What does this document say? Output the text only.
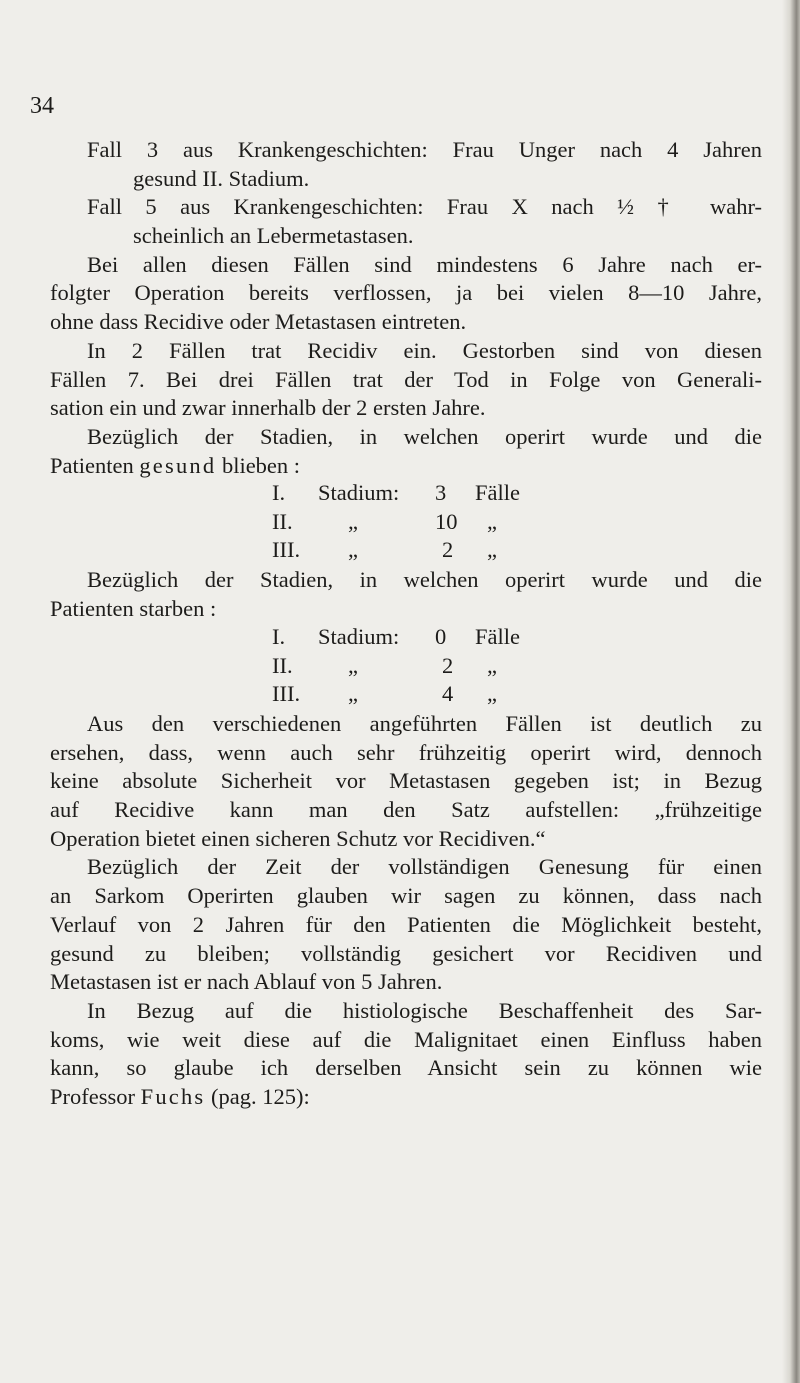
34
Fall 3 aus Krankengeschichten: Frau Unger nach 4 Jahren
gesund II. Stadium.
Fall 5 aus Krankengeschichten: Frau X nach ½ † wahr-
scheinlich an Lebermetastasen.
Bei allen diesen Fällen sind mindestens 6 Jahre nach er-
folgter Operation bereits verflossen, ja bei vielen 8—10 Jahre,
ohne dass Recidive oder Metastasen eintreten.
In 2 Fällen trat Recidiv ein. Gestorben sind von diesen
Fällen 7. Bei drei Fällen trat der Tod in Folge von Generali-
sation ein und zwar innerhalb der 2 ersten Jahre.
Bezüglich der Stadien, in welchen operirt wurde und die
Patienten gesund blieben :
I. Stadium: 3 Fälle
II. „	10 „
III. „	2 „
Bezüglich der Stadien, in welchen operirt wurde und die
Patienten starben :
I. Stadium: 0 Fälle
II. „	2 „
III. „	4 „
Aus den verschiedenen angeführten Fällen ist deutlich zu
ersehen, dass, wenn auch sehr frühzeitig operirt wird, dennoch
keine absolute Sicherheit vor Metastasen gegeben ist; in Bezug
auf Recidive kann man den Satz aufstellen: „frühzeitige
Operation bietet einen sicheren Schutz vor Recidiven.“
Bezüglich der Zeit der vollständigen Genesung für einen
an Sarkom Operirten glauben wir sagen zu können, dass nach
Verlauf von 2 Jahren für den Patienten die Möglichkeit besteht,
gesund zu bleiben; vollständig gesichert vor Recidiven und
Metastasen ist er nach Ablauf von 5 Jahren.
In Bezug auf die histiologische Beschaffenheit des Sar-
koms, wie weit diese auf die Malignitaet einen Einfluss haben
kann, so glaube ich derselben Ansicht sein zu können wie
Professor Fuchs (pag. 125):
